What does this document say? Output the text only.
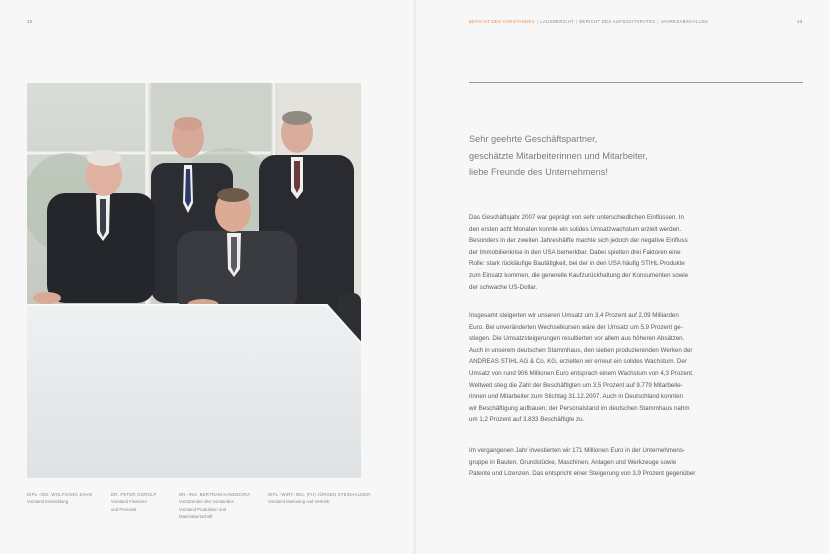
12	13
BERICHT DES VORSTANDES | LAGEBERICHT | BERICHT DES AUFSICHTSRATES | JAHRESABSCHLUSS
DIPL.-ING. WOLFGANG ZAHN
Vorstand Entwicklung
DR. PETER GOROLF
Vorstand Finanzen
und Personal
DR.-ING. BERTRAM KANDZIORA
Vorsitzender des Vorstandes
Vorstand Produktion und
Materialwirtschaft
DIPL.-WIRT.-ING. (FH) JÜRGEN STEINHAUSER
Vorstand Marketing und Vertrieb
Sehr geehrte Geschäftspartner,
geschätzte Mitarbeiterinnen und Mitarbeiter,
liebe Freunde des Unternehmens!
Das Geschäftsjahr 2007 war geprägt von sehr unterschiedlichen Einflüssen. In
den ersten acht Monaten konnte ein solides Umsatzwachstum erzielt werden.
Besonders in der zweiten Jahreshälfte machte sich jedoch der negative Einfluss
der Immobilienkrise in den USA bemerkbar. Dabei spielten drei Faktoren eine
Rolle: stark rückläufige Bautätigkeit, bei der in den USA häufig STIHL Produkte
zum Einsatz kommen, die generelle Kaufzurückhaltung der Konsumenten sowie
der schwache US-Dollar.
Insgesamt steigerten wir unseren Umsatz um 3,4 Prozent auf 2,09 Milliarden
Euro. Bei unveränderten Wechselkursen wäre der Umsatz um 5,9 Prozent ge-
stiegen. Die Umsatzsteigerungen resultierten vor allem aus höheren Absätzen.
Auch in unserem deutschen Stammhaus, den sieben produzierenden Werken der
ANDREAS STIHL AG & Co. KG, erzielten wir erneut ein solides Wachstum. Der
Umsatz von rund 906 Millionen Euro entsprach einem Wachstum von 4,3 Prozent.
Weltweit stieg die Zahl der Beschäftigten um 3,5 Prozent auf 9.779 Mitarbeite-
rinnen und Mitarbeiter zum Stichtag 31.12.2007. Auch in Deutschland konnten
wir Beschäftigung aufbauen; der Personalstand im deutschen Stammhaus nahm
um 1,2 Prozent auf 3.833 Beschäftigte zu.
Im vergangenen Jahr investierten wir 171 Millionen Euro in der Unternehmens-
gruppe in Bauten, Grundstücke, Maschinen, Anlagen und Werkzeuge sowie
Patente und Lizenzen. Das entspricht einer Steigerung von 3,9 Prozent gegenüber
